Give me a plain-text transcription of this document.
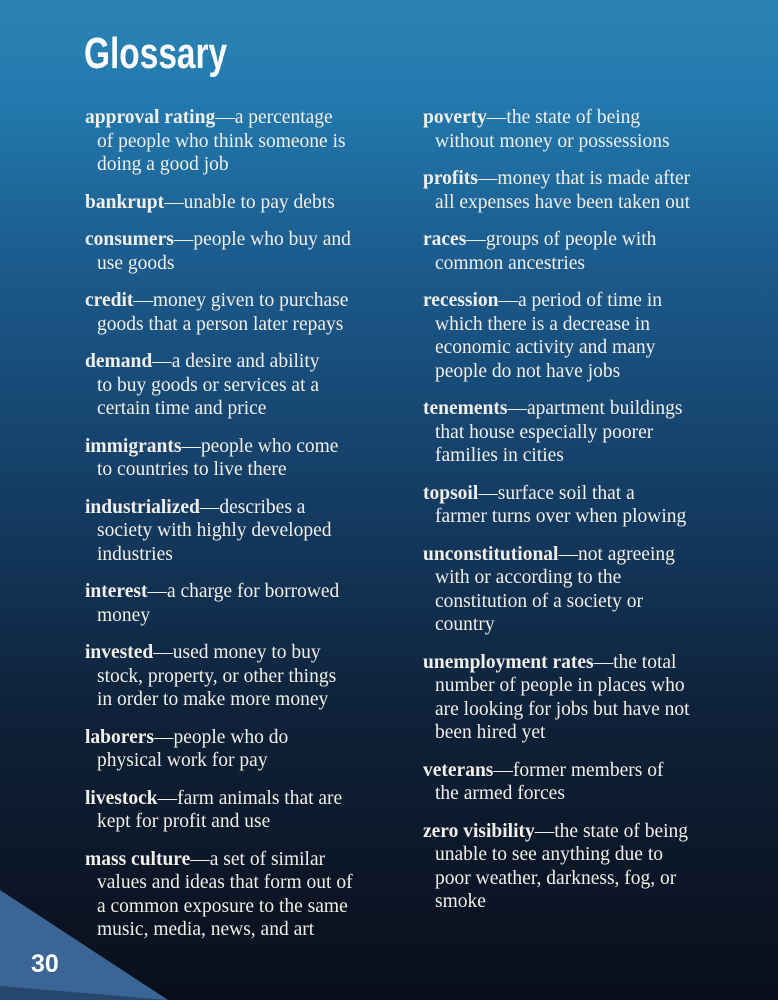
Glossary
approval rating—a percentage
of people who think someone is
doing a good job
bankrupt—unable to pay debts
consumers—people who buy and
use goods
credit—money given to purchase
goods that a person later repays
demand—a desire and ability
to buy goods or services at a
certain time and price
immigrants—people who come
to countries to live there
industrialized—describes a
society with highly developed
industries
interest—a charge for borrowed
money
invested—used money to buy
stock, property, or other things
in order to make more money
laborers—people who do
physical work for pay
livestock—farm animals that are
kept for profit and use
mass culture—a set of similar
values and ideas that form out of
a common exposure to the same
music, media, news, and art
poverty—the state of being
without money or possessions
profits—money that is made after
all expenses have been taken out
races—groups of people with
common ancestries
recession—a period of time in
which there is a decrease in
economic activity and many
people do not have jobs
tenements—apartment buildings
that house especially poorer
families in cities
topsoil—surface soil that a
farmer turns over when plowing
unconstitutional—not agreeing
with or according to the
constitution of a society or
country
unemployment rates—the total
number of people in places who
are looking for jobs but have not
been hired yet
veterans—former members of
the armed forces
zero visibility—the state of being
unable to see anything due to
poor weather, darkness, fog, or
smoke
30
